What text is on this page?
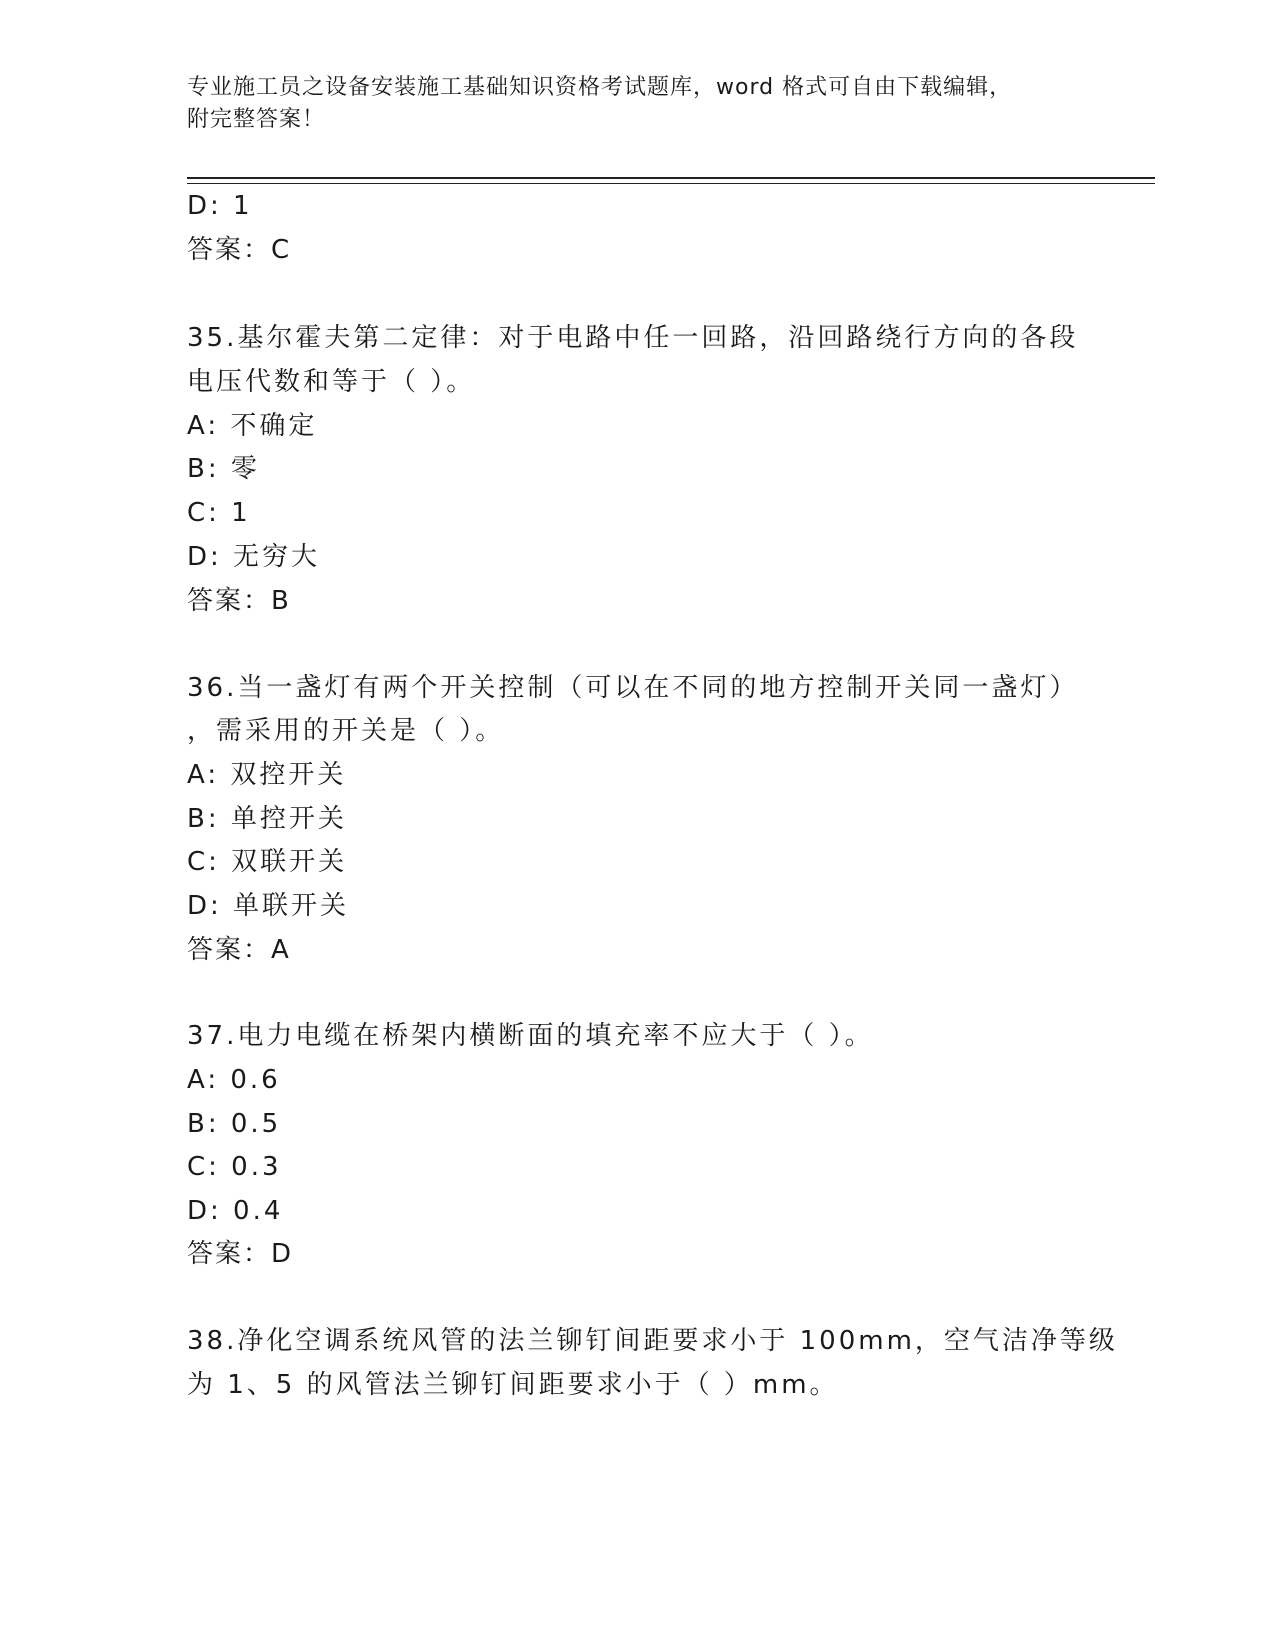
专业施工员之设备安装施工基础知识资格考试题库，word 格式可自由下载编辑，
附完整答案！
D: 1
答案：C
35.基尔霍夫第二定律：对于电路中任一回路，沿回路绕行方向的各段
电压代数和等于（ ）。
A: 不确定
B: 零
C: 1
D: 无穷大
答案：B
36.当一盏灯有两个开关控制（可以在不同的地方控制开关同一盏灯）
，需采用的开关是（ ）。
A: 双控开关
B: 单控开关
C: 双联开关
D: 单联开关
答案：A
37.电力电缆在桥架内横断面的填充率不应大于（ ）。
A: 0.6
B: 0.5
C: 0.3
D: 0.4
答案：D
38.净化空调系统风管的法兰铆钉间距要求小于 100mm，空气洁净等级
为 1、5 的风管法兰铆钉间距要求小于（ ）mm。
